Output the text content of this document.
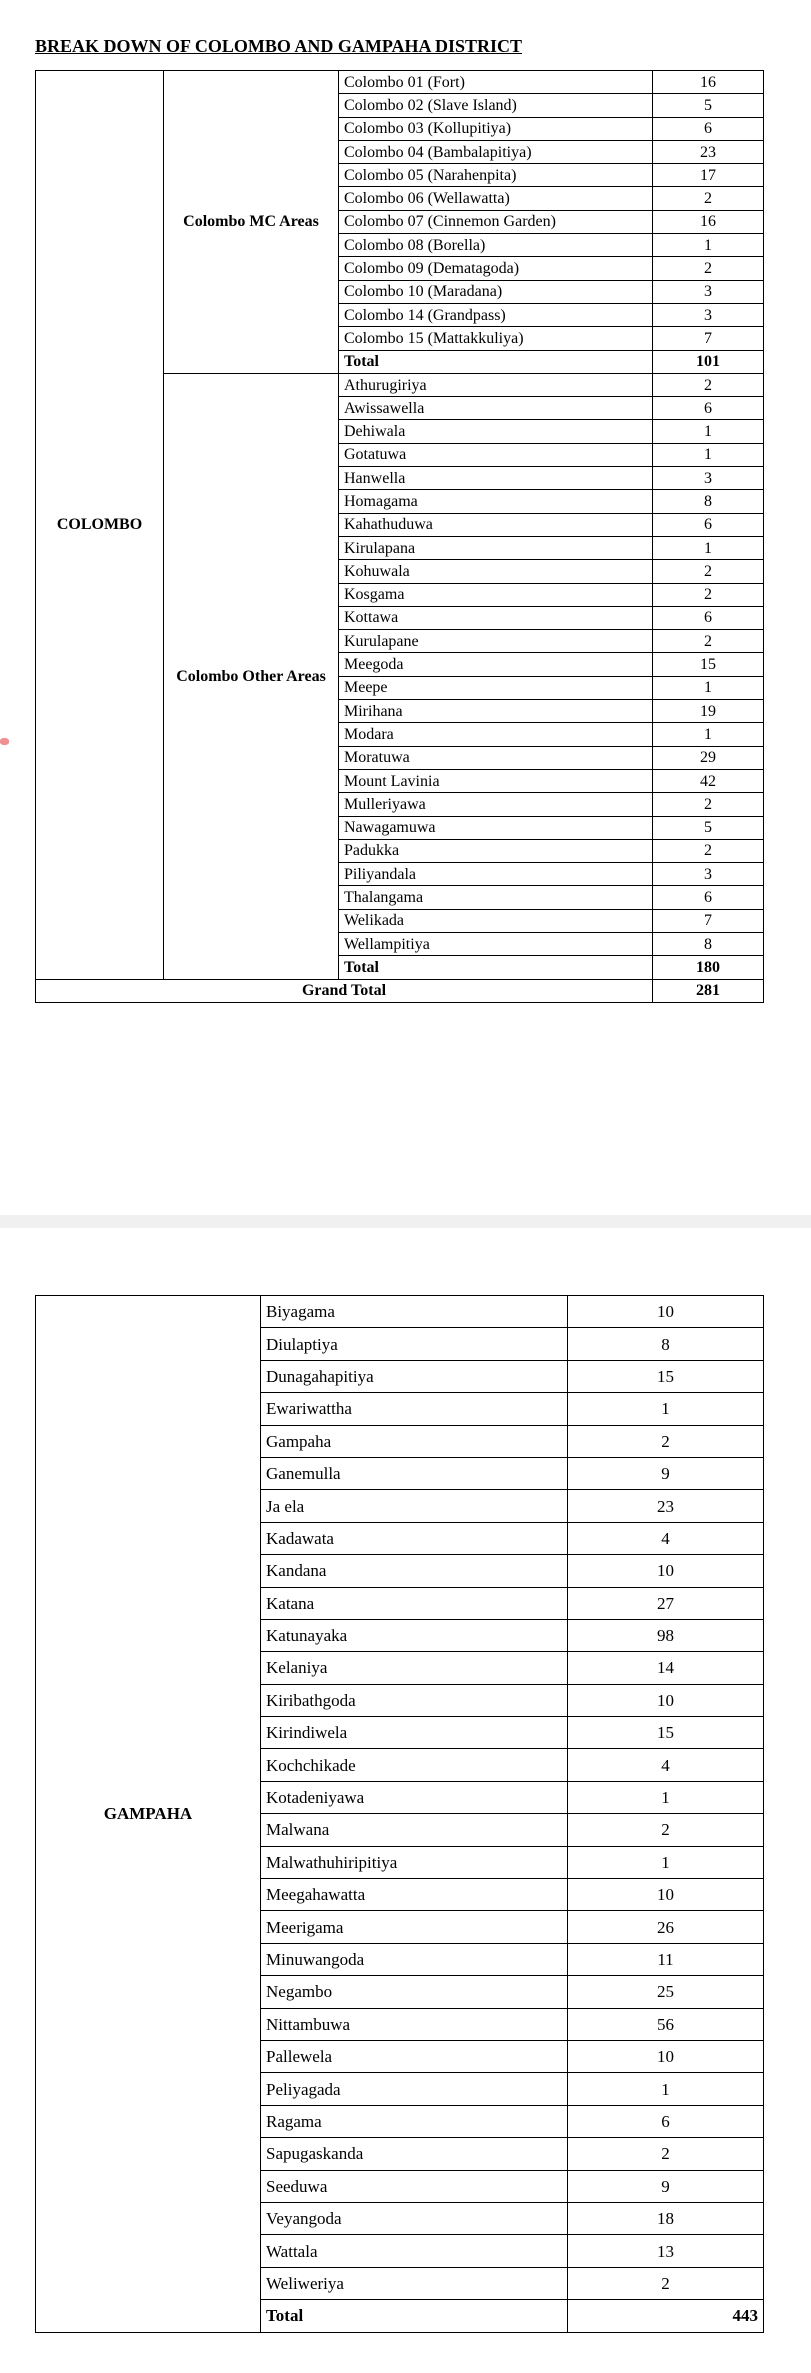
BREAK DOWN OF COLOMBO AND GAMPAHA DISTRICT
COLOMBO	Colombo MC Areas	Colombo 01 (Fort)	16
		Colombo 02 (Slave Island)	5
		Colombo 03 (Kollupitiya)	6
		Colombo 04 (Bambalapitiya)	23
		Colombo 05 (Narahenpita)	17
		Colombo 06 (Wellawatta)	2
		Colombo 07 (Cinnemon Garden)	16
		Colombo 08 (Borella)	1
		Colombo 09 (Dematagoda)	2
		Colombo 10 (Maradana)	3
		Colombo 14 (Grandpass)	3
		Colombo 15 (Mattakkuliya)	7
		Total	101
	Colombo Other Areas	Athurugiriya	2
		Awissawella	6
		Dehiwala	1
		Gotatuwa	1
		Hanwella	3
		Homagama	8
		Kahathuduwa	6
		Kirulapana	1
		Kohuwala	2
		Kosgama	2
		Kottawa	6
		Kurulapane	2
		Meegoda	15
		Meepe	1
		Mirihana	19
		Modara	1
		Moratuwa	29
		Mount Lavinia	42
		Mulleriyawa	2
		Nawagamuwa	5
		Padukka	2
		Piliyandala	3
		Thalangama	6
		Welikada	7
		Wellampitiya	8
		Total	180
Grand Total			281
GAMPAHA	Biyagama	10
	Diulaptiya	8
	Dunagahapitiya	15
	Ewariwattha	1
	Gampaha	2
	Ganemulla	9
	Ja ela	23
	Kadawata	4
	Kandana	10
	Katana	27
	Katunayaka	98
	Kelaniya	14
	Kiribathgoda	10
	Kirindiwela	15
	Kochchikade	4
	Kotadeniyawa	1
	Malwana	2
	Malwathuhiripitiya	1
	Meegahawatta	10
	Meerigama	26
	Minuwangoda	11
	Negambo	25
	Nittambuwa	56
	Pallewela	10
	Peliyagada	1
	Ragama	6
	Sapugaskanda	2
	Seeduwa	9
	Veyangoda	18
	Wattala	13
	Weliweriya	2
	Total	443
